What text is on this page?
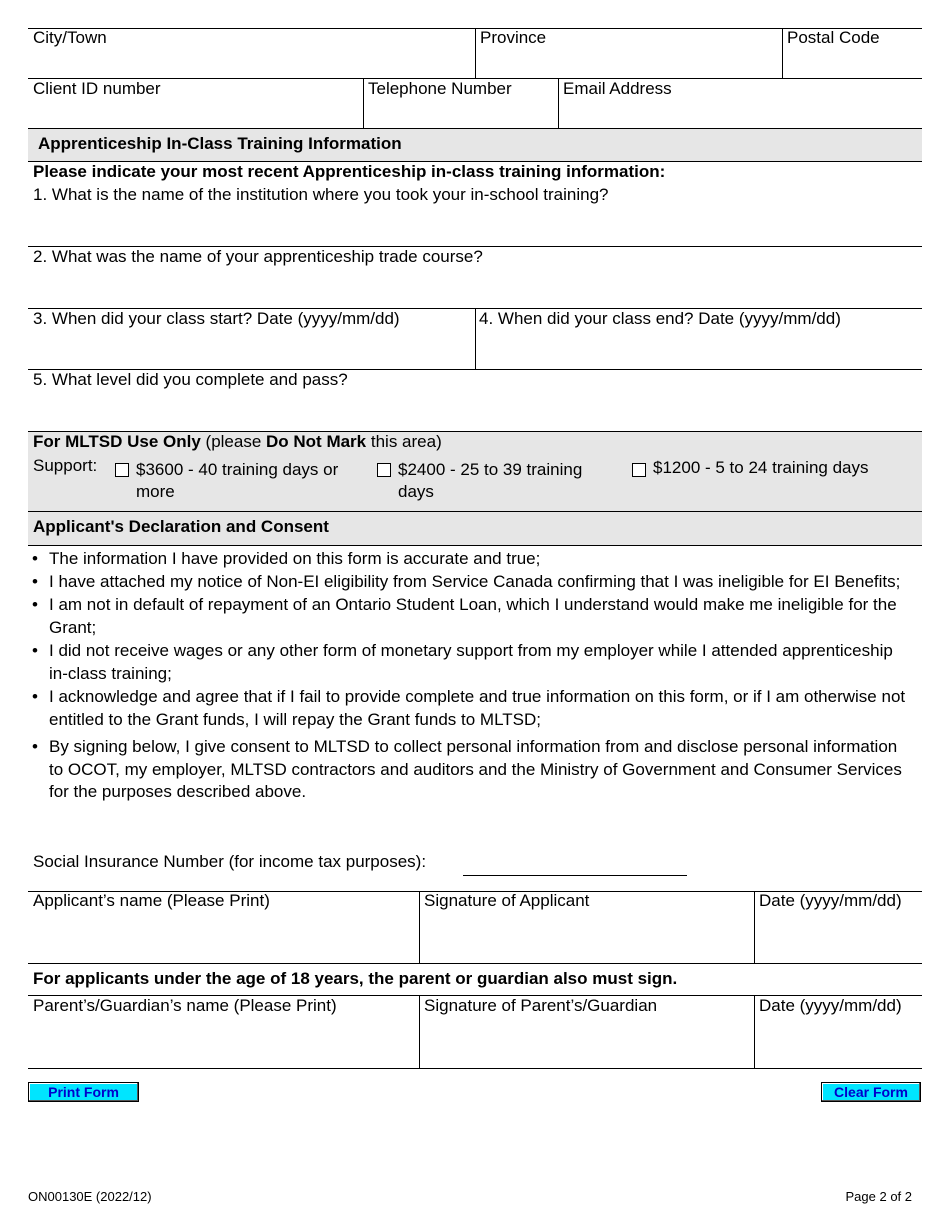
City/Town	Province	Postal Code
Client ID number	Telephone Number	Email Address
Apprenticeship In-Class Training Information
Please indicate your most recent Apprenticeship in-class training information:
1. What is the name of the institution where you took your in-school training?
2. What was the name of your apprenticeship trade course?
3. When did your class start? Date (yyyy/mm/dd)	4. When did your class end? Date (yyyy/mm/dd)
5. What level did you complete and pass?
For MLTSD Use Only (please Do Not Mark this area)
Support: $3600 - 40 training days or
more
$2400 - 25 to 39 training
days
$1200 - 5 to 24 training days
Applicant's Declaration and Consent
• The information I have provided on this form is accurate and true;
• I have attached my notice of Non-EI eligibility from Service Canada confirming that I was ineligible for EI Benefits;
• I am not in default of repayment of an Ontario Student Loan, which I understand would make me ineligible for the Grant;
• I did not receive wages or any other form of monetary support from my employer while I attended apprenticeship in-class training;
• I acknowledge and agree that if I fail to provide complete and true information on this form, or if I am otherwise not entitled to the Grant funds, I will repay the Grant funds to MLTSD;
• By signing below, I give consent to MLTSD to collect personal information from and disclose personal information to OCOT, my employer, MLTSD contractors and auditors and the Ministry of Government and Consumer Services for the purposes described above.
Social Insurance Number (for income tax purposes):
Applicant’s name (Please Print)	Signature of Applicant	Date (yyyy/mm/dd)
For applicants under the age of 18 years, the parent or guardian also must sign.
Parent’s/Guardian’s name (Please Print)	Signature of Parent’s/Guardian	Date (yyyy/mm/dd)
Print Form	Clear Form
ON00130E (2022/12)	Page 2 of 2
